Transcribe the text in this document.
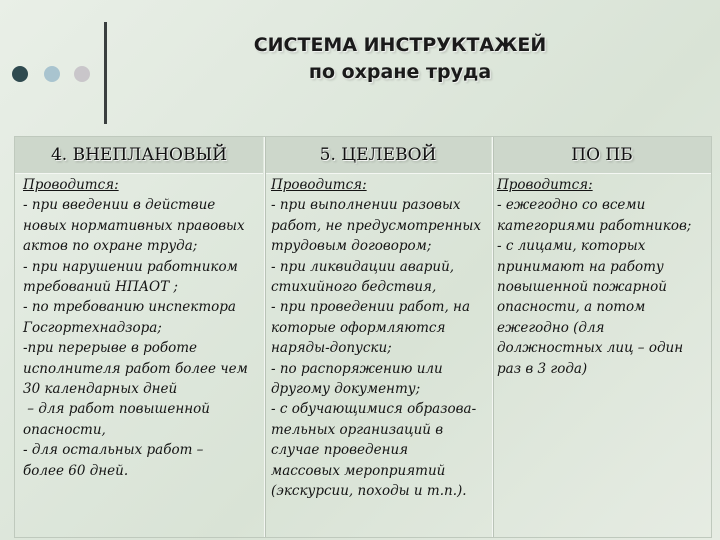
СИСТЕМА ИНСТРУКТАЖЕЙ
по охране труда
4. ВНЕПЛАНОВЫЙ	5. ЦЕЛЕВОЙ	ПО ПБ
Проводится:
- при введении в действие
новых нормативных правовых
актов по охране труда;
- при нарушении работником
требований НПАОТ ;
- по требованию инспектора
Госгортехнадзора;
-при перерыве в роботе
исполнителя работ более чем
30 календарных дней
– для работ повышенной
опасности,
- для остальных работ –
более 60 дней.
Проводится:
- при выполнении разовых
работ, не предусмотренных
трудовым договором;
- при ликвидации аварий,
стихийного бедствия,
- при проведении работ, на
которые оформляются
наряды-допуски;
- по распоряжению или
другому документу;
- с обучающимися образова-
тельных организаций в
случае проведения
массовых мероприятий
(экскурсии, походы и т.п.).
Проводится:
- ежегодно со всеми
категориями работников;
- с лицами, которых
принимают на работу
повышенной пожарной
опасности, а потом
ежегодно (для
должностных лиц – один
раз в 3 года)
